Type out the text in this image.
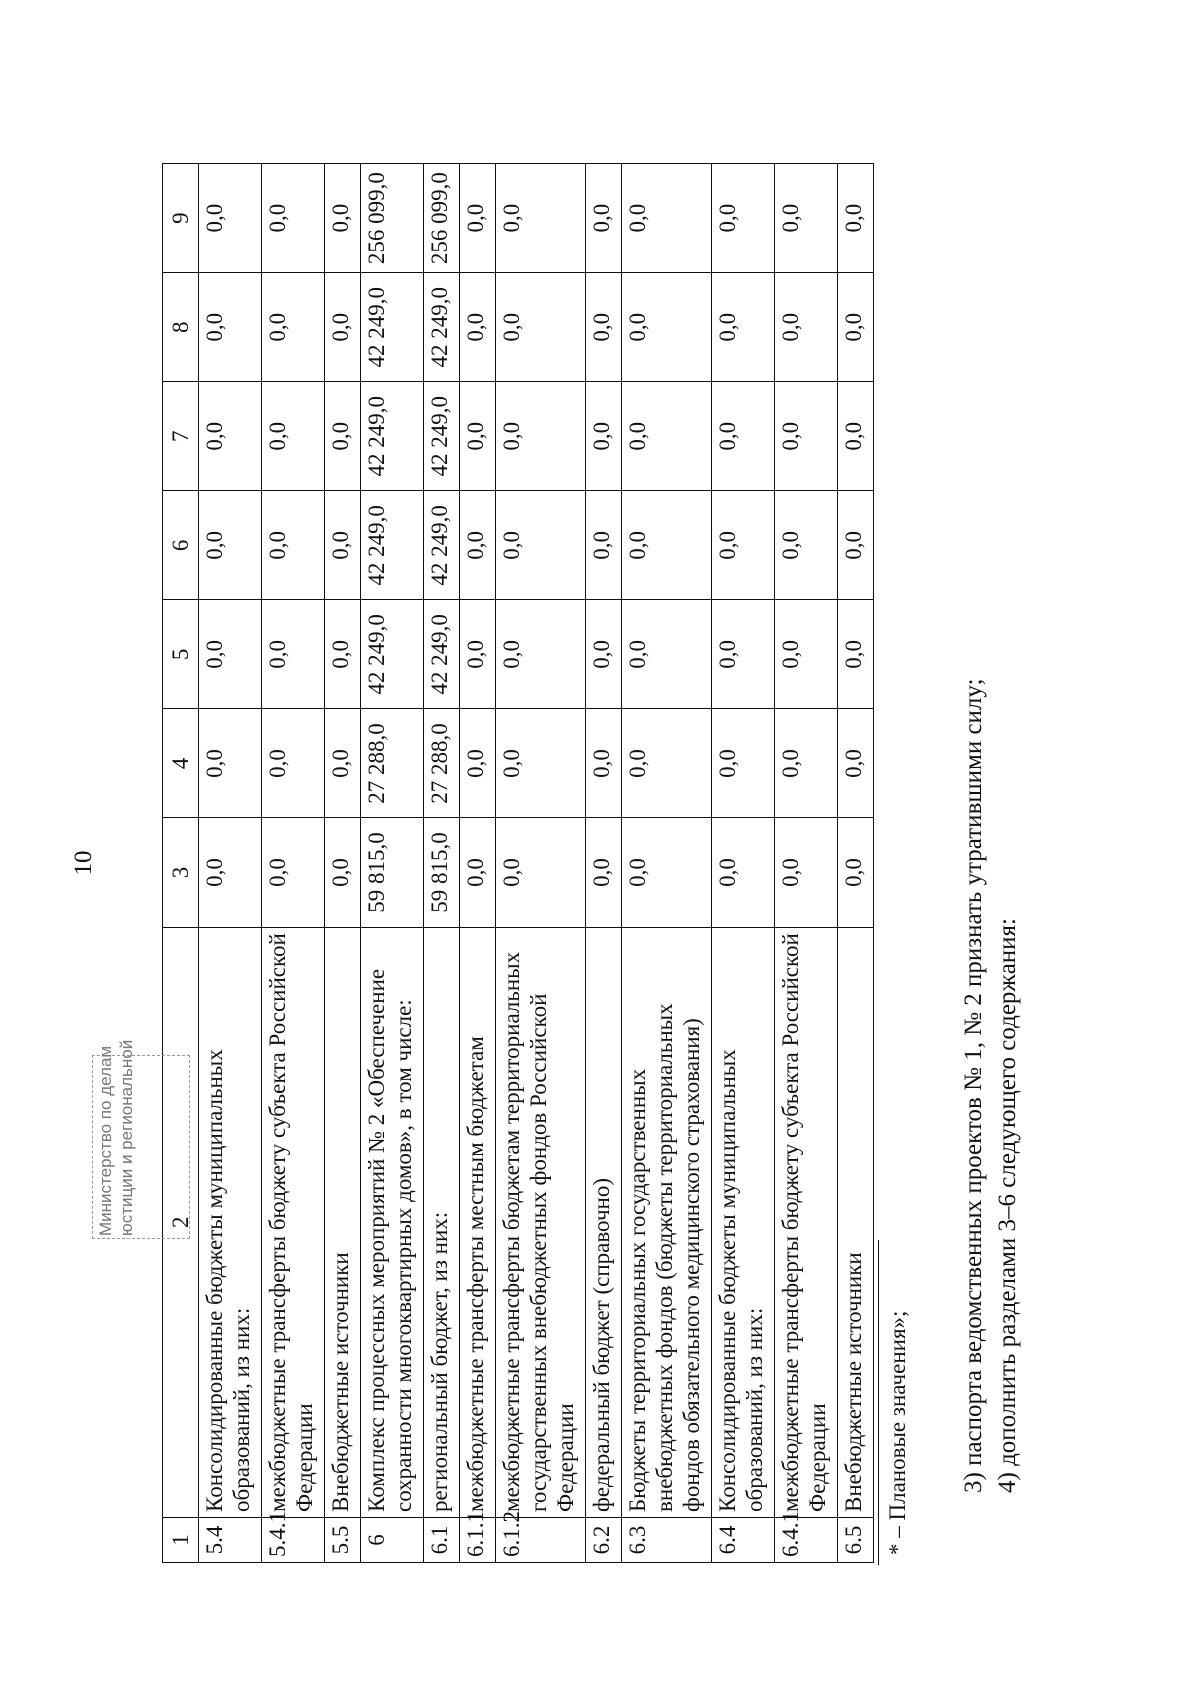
10
1	2	3	4	5	6	7	8	9
5.4	Консолидированные бюджеты муниципальных образований, из них:	0,0	0,0	0,0	0,0	0,0	0,0	0,0
5.4.1	межбюджетные трансферты бюджету субъекта Российской Федерации	0,0	0,0	0,0	0,0	0,0	0,0	0,0
5.5	Внебюджетные источники	0,0	0,0	0,0	0,0	0,0	0,0	0,0
6	Комплекс процессных мероприятий № 2 «Обеспечение сохранности многоквартирных домов», в том числе:	59 815,0	27 288,0	42 249,0	42 249,0	42 249,0	42 249,0	256 099,0
6.1	региональный бюджет, из них:	59 815,0	27 288,0	42 249,0	42 249,0	42 249,0	42 249,0	256 099,0
6.1.1	межбюджетные трансферты местным бюджетам	0,0	0,0	0,0	0,0	0,0	0,0	0,0
6.1.2	межбюджетные трансферты бюджетам территориальных государственных внебюджетных фондов Российской Федерации	0,0	0,0	0,0	0,0	0,0	0,0	0,0
6.2	федеральный бюджет (справочно)	0,0	0,0	0,0	0,0	0,0	0,0	0,0
6.3	Бюджеты территориальных государственных внебюджетных фондов (бюджеты территориальных фондов обязательного медицинского страхования)	0,0	0,0	0,0	0,0	0,0	0,0	0,0
6.4	Консолидированные бюджеты муниципальных образований, из них:	0,0	0,0	0,0	0,0	0,0	0,0	0,0
6.4.1	межбюджетные трансферты бюджету субъекта Российской Федерации	0,0	0,0	0,0	0,0	0,0	0,0	0,0
6.5	Внебюджетные источники	0,0	0,0	0,0	0,0	0,0	0,0	0,0
* – Плановые значения»; 3) паспорта ведомственных проектов № 1, № 2 признать утратившими силу; 4) дополнить разделами 3–6 следующего содержания:
Министерство по делам юстиции и региональной
